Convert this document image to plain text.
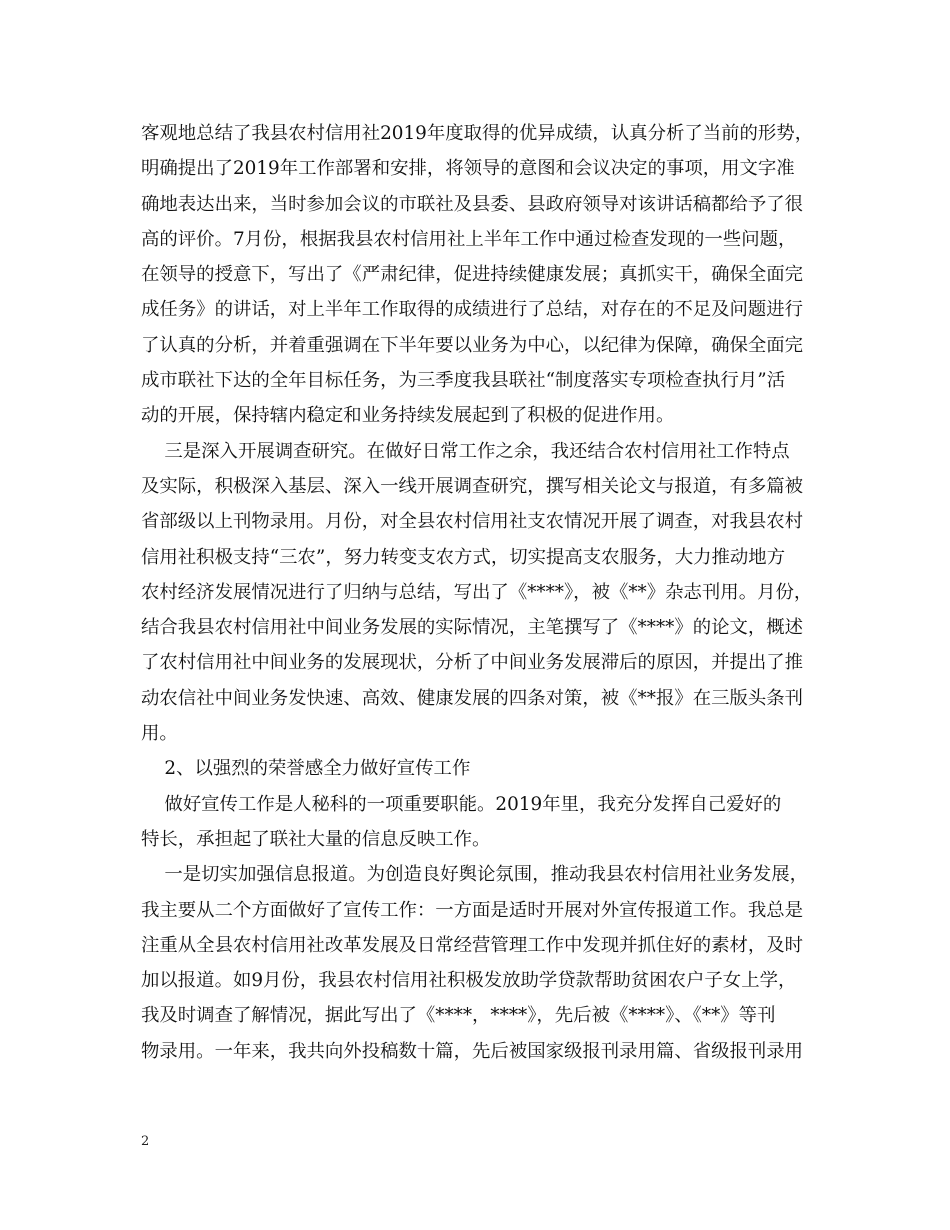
客观地总结了我县农村信用社2019年度取得的优异成绩，认真分析了当前的形势，
明确提出了2019年工作部署和安排，将领导的意图和会议决定的事项，用文字准
确地表达出来，当时参加会议的市联社及县委、县政府领导对该讲话稿都给予了很
高的评价。7月份，根据我县农村信用社上半年工作中通过检查发现的一些问题，
在领导的授意下，写出了《严肃纪律，促进持续健康发展；真抓实干，确保全面完
成任务》的讲话，对上半年工作取得的成绩进行了总结，对存在的不足及问题进行
了认真的分析，并着重强调在下半年要以业务为中心，以纪律为保障，确保全面完
成市联社下达的全年目标任务，为三季度我县联社“制度落实专项检查执行月”活
动的开展，保持辖内稳定和业务持续发展起到了积极的促进作用。
三是深入开展调查研究。在做好日常工作之余，我还结合农村信用社工作特点
及实际，积极深入基层、深入一线开展调查研究，撰写相关论文与报道，有多篇被
省部级以上刊物录用。月份，对全县农村信用社支农情况开展了调查，对我县农村
信用社积极支持“三农”，努力转变支农方式，切实提高支农服务，大力推动地方
农村经济发展情况进行了归纳与总结，写出了《****》，被《**》杂志刊用。月份，
结合我县农村信用社中间业务发展的实际情况，主笔撰写了《****》的论文，概述
了农村信用社中间业务的发展现状，分析了中间业务发展滞后的原因，并提出了推
动农信社中间业务发快速、高效、健康发展的四条对策，被《**报》在三版头条刊
用。
2、以强烈的荣誉感全力做好宣传工作
做好宣传工作是人秘科的一项重要职能。2019年里，我充分发挥自己爱好的
特长，承担起了联社大量的信息反映工作。
一是切实加强信息报道。为创造良好舆论氛围，推动我县农村信用社业务发展，
我主要从二个方面做好了宣传工作：一方面是适时开展对外宣传报道工作。我总是
注重从全县农村信用社改革发展及日常经营管理工作中发现并抓住好的素材，及时
加以报道。如9月份，我县农村信用社积极发放助学贷款帮助贫困农户子女上学，
我及时调查了解情况，据此写出了《****，****》，先后被《****》、《**》等刊
物录用。一年来，我共向外投稿数十篇，先后被国家级报刊录用篇、省级报刊录用
2
